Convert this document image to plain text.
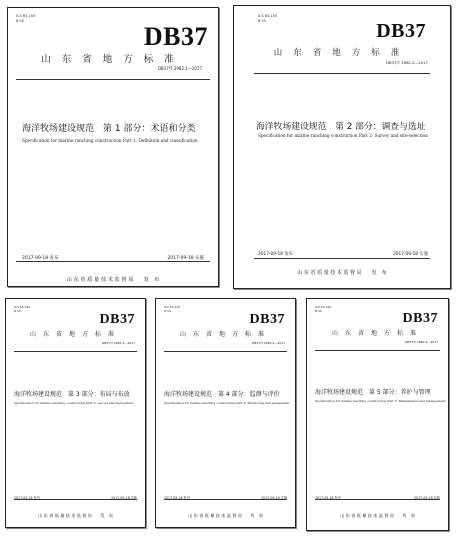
ICS 65.150
B 50
DB37
山东省地方标准
DB37/T 2982.1—2017
海洋牧场建设规范　第 1 部分：术语和分类
Specification for marine ranching construction Part 1: Definition and classification
2017-09-18 发布	2017-09-18 实施
山 东 省 质 量 技 术 监 督 局　　发　布
ICS 65.150
B 50	DB37
山东省地方标准
DB37/T 2982.2—2017
海洋牧场建设规范　第 2 部分：调查与选址
Specification for marine ranching construction Part 2: Survey and site-selection
2017-09-18 发布	2017-09-18 实施
山 东 省 质 量 技 术 监 督 局　　发　布
ICS 65.150
B 50
DB37
山东省地方标准
DB37/T 2982.3—2017
海洋牧场建设规范　第 3 部分：布局与布放
Specification for marine ranching construction Part 3: Layout and deployment
2017-09-18 发布	2017-09-18 实施
山 东 省 质 量 技 术 监 督 局　　发　布
ICS 65.150
B 50
DB37
山东省地方标准
DB37/T 2982.4—2017
海洋牧场建设规范　第 4 部分：监测与评价
Specification for marine ranching construction Part 4: Monitoring and assessment
2017-09-18 发布	2017-09-18 实施
山 东 省 质 量 技 术 监 督 局　　发　布
ICS 65.150
B 50	DB37
山东省地方标准
DB37/T 2982.5—2017
海洋牧场建设规范　第 5 部分：养护与管理
Specification for marine ranching construction Part 5: Maintenance and management
2017-09-18 发布	2017-09-18 实施
山 东 省 质 量 技 术 监 督 局　　发　布
